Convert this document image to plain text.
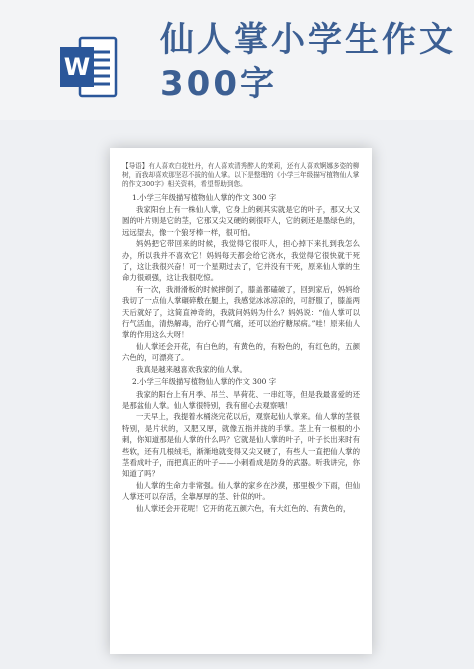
W
仙人掌小学生作文
300字
【导语】有人喜欢白花牡丹，有人喜欢清秀醉人的茉莉，还有人喜欢婀娜多姿的柳树，而我却喜欢那坚忍不拔的仙人掌。以下是整理的《小学三年级描写植物仙人掌的作文300字》相关资料，希望帮助到您。
1.小学三年级描写植物仙人掌的作文 300 字

我家阳台上有一株仙人掌，它身上的刺其实就是它的叶子，那又大又圆的叶片则是它的茎，它那又尖又硬的刺很吓人，它的刺还是墨绿色的，远远望去，像一个狼牙棒一样，很可怕。

妈妈把它带回来的时候，我觉得它很吓人，担心掉下来扎到我怎么办，所以我并不喜欢它！妈妈每天都会给它浇水，我觉得它很快就干死了，这让我很兴奋！可一个星期过去了，它并没有干死，原来仙人掌的生命力很顽强，这让我很吃惊。

有一次，我滑滑板的时候摔倒了，膝盖都磕破了，回到家后，妈妈给我切了一点仙人掌碾碎敷在腿上，我感觉冰冰凉凉的，可舒服了，膝盖两天后就好了，这简直神奇的，我就问妈妈为什么？妈妈说：“仙人掌可以行气活血，清热解毒，治疗心胃气痛，还可以治疗糖尿病。”哇！原来仙人掌的作用这么大呀！

仙人掌还会开花，有白色的，有黄色的，有粉色的，有红色的，五颜六色的，可漂亮了。

我真是越来越喜欢我家的仙人掌。

2.小学三年级描写植物仙人掌的作文 300 字

我家的阳台上有月季、吊兰、旱荷花、一串红等，但是我最喜爱的还是那盆仙人掌。仙人掌很特别，我有留心去观察哦！

一天早上，我提着水桶浇完花以后，观察起仙人掌来。仙人掌的茎很特别，是片状的，又肥又厚，就像五指并拢的手掌。茎上有一根根的小刺，你知道那是仙人掌的什么吗？它就是仙人掌的叶子，叶子长出来时有些软，还有几根绒毛，渐渐地就变得又尖又硬了，有些人一直把仙人掌的茎看成叶子，而把真正的叶子——小刺看成是防身的武器。听我讲完，你知道了吗？

仙人掌的生命力非常强。仙人掌的家乡在沙漠，那里极少下雨，但仙人掌还可以存活，全靠厚厚的茎、针似的叶。

仙人掌还会开花呢！它开的花五颜六色，有大红色的、有黄色的，
